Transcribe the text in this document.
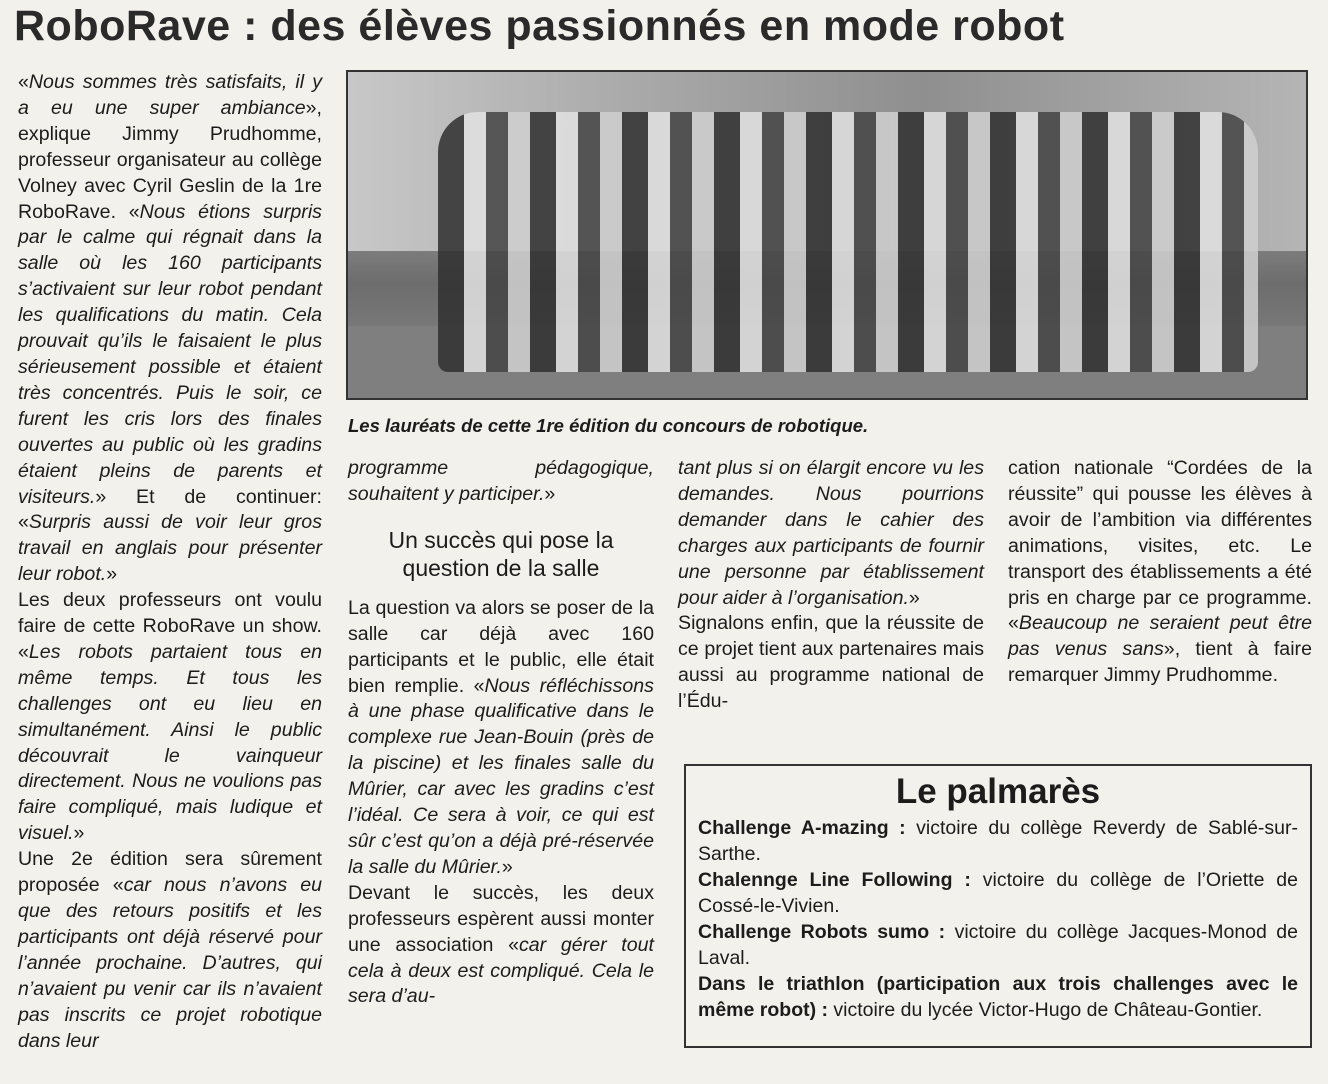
RoboRave : des élèves passionnés en mode robot

«Nous sommes très satisfaits, il y a eu une super ambiance», explique Jimmy Prudhomme, professeur organisateur au collège Volney avec Cyril Geslin de la 1re RoboRave. «Nous étions surpris par le calme qui régnait dans la salle où les 160 participants s’activaient sur leur robot pendant les qualifications du matin. Cela prouvait qu’ils le faisaient le plus sérieusement possible et étaient très concentrés. Puis le soir, ce furent les cris lors des finales ouvertes au public où les gradins étaient pleins de parents et visiteurs.» Et de continuer: «Surpris aussi de voir leur gros travail en anglais pour présenter leur robot.»

Les deux professeurs ont voulu faire de cette RoboRave un show. «Les robots partaient tous en même temps. Et tous les challenges ont eu lieu en simultanément. Ainsi le public découvrait le vainqueur directement. Nous ne voulions pas faire compliqué, mais ludique et visuel.»

Une 2e édition sera sûrement proposée «car nous n’avons eu que des retours positifs et les participants ont déjà réservé pour l’année prochaine. D’autres, qui n’avaient pu venir car ils n’avaient pas inscrits ce projet robotique dans leur

Les lauréats de cette 1re édition du concours de robotique.

programme pédagogique, souhaitent y participer.»

Un succès qui pose la question de la salle

La question va alors se poser de la salle car déjà avec 160 participants et le public, elle était bien remplie. «Nous réfléchissons à une phase qualificative dans le complexe rue Jean-Bouin (près de la piscine) et les finales salle du Mûrier, car avec les gradins c’est l’idéal. Ce sera à voir, ce qui est sûr c’est qu’on a déjà pré-réservée la salle du Mûrier.»

Devant le succès, les deux professeurs espèrent aussi monter une association «car gérer tout cela à deux est compliqué. Cela le sera d’au-

tant plus si on élargit encore vu les demandes. Nous pourrions demander dans le cahier des charges aux participants de fournir une personne par établissement pour aider à l’organisation.»

Signalons enfin, que la réussite de ce projet tient aux partenaires mais aussi au programme national de l’Édu-

cation nationale “Cordées de la réussite” qui pousse les élèves à avoir de l’ambition via différentes animations, visites, etc. Le transport des établissements a été pris en charge par ce programme. «Beaucoup ne seraient peut être pas venus sans», tient à faire remarquer Jimmy Prudhomme.

Le palmarès

Challenge A-mazing : victoire du collège Reverdy de Sablé-sur-Sarthe.

Chalennge Line Following : victoire du collège de l’Oriette de Cossé-le-Vivien.

Challenge Robots sumo : victoire du collège Jacques-Monod de Laval.

Dans le triathlon (participation aux trois challenges avec le même robot) : victoire du lycée Victor-Hugo de Château-Gontier.
